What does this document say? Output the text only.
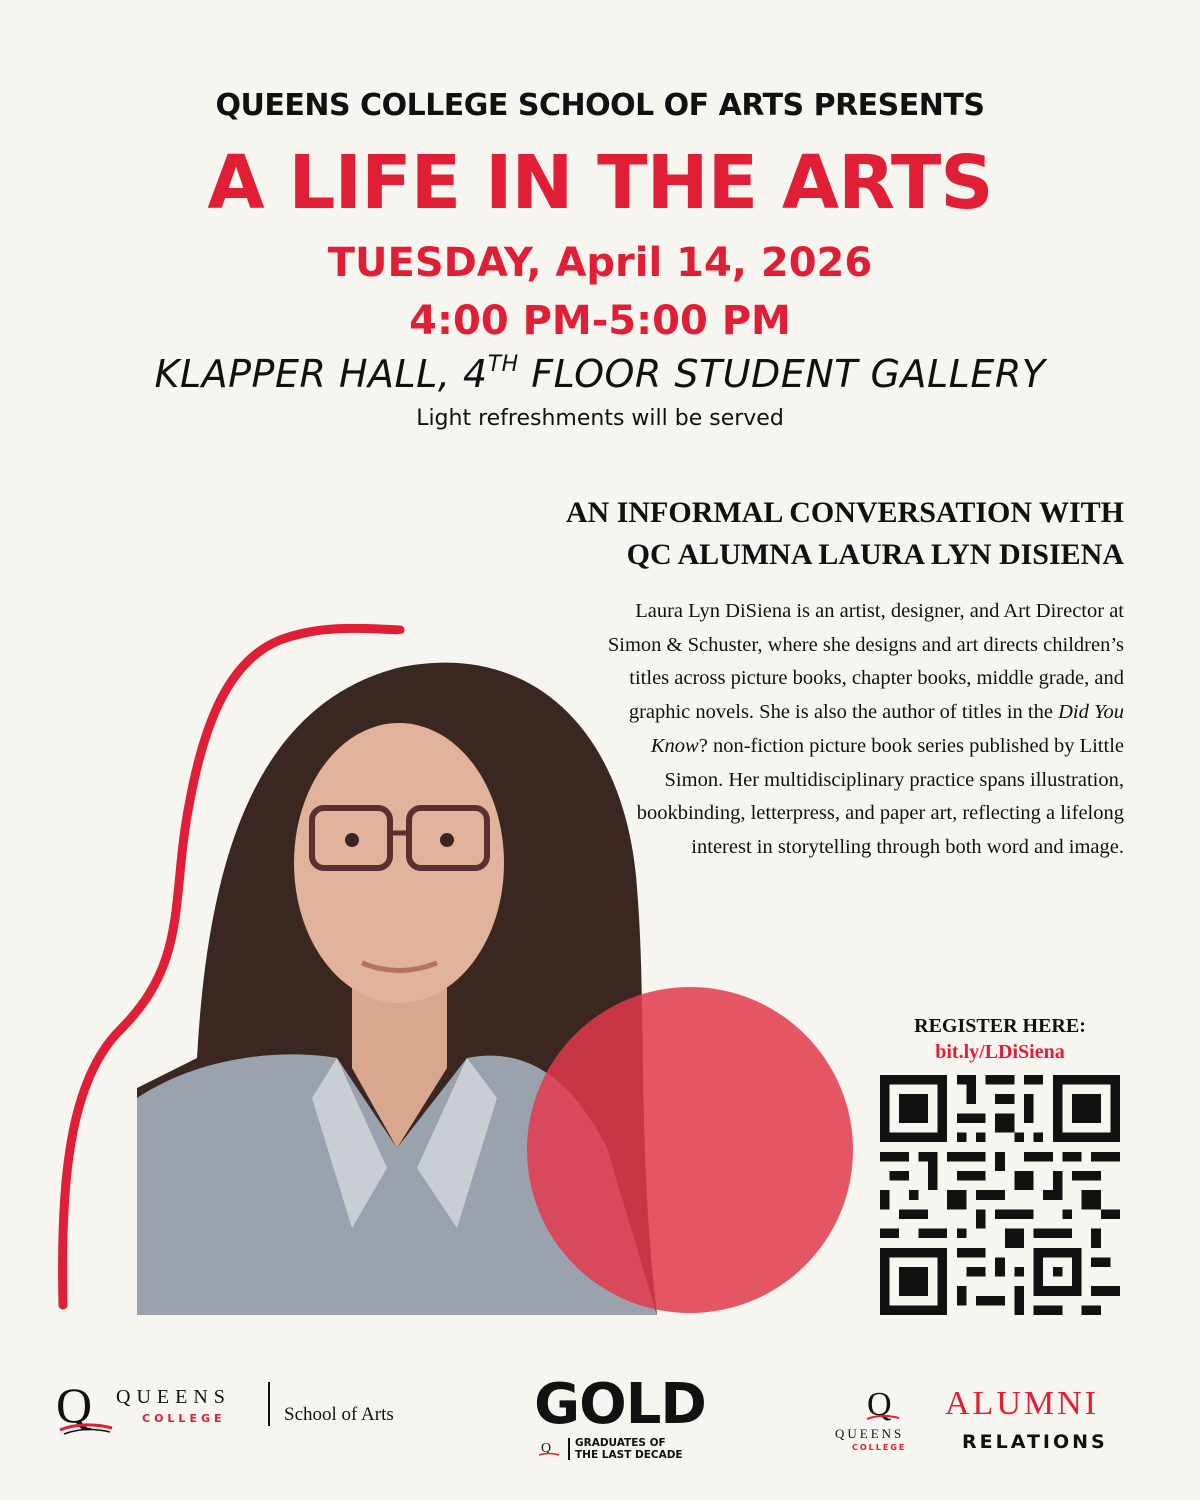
QUEENS COLLEGE SCHOOL OF ARTS PRESENTS
A LIFE IN THE ARTS
TUESDAY, April 14, 2026
4:00 PM-5:00 PM
KLAPPER HALL, 4TH FLOOR STUDENT GALLERY
Light refreshments will be served
AN INFORMAL CONVERSATION WITH
QC ALUMNA LAURA LYN DISIENA
Laura Lyn DiSiena is an artist, designer, and Art Director at Simon & Schuster, where she designs and art directs children’s titles across picture books, chapter books, middle grade, and graphic novels. She is also the author of titles in the Did You Know? non-fiction picture book series published by Little Simon. Her multidisciplinary practice spans illustration, bookbinding, letterpress, and paper art, reflecting a lifelong interest in storytelling through both word and image.
REGISTER HERE:
bit.ly/LDiSiena
Q QUEENS
COLLEGE	School of Arts	GOLD
Q GRADUATES OF
THE LAST DECADE
Q
QUEENS
COLLEGE
ALUMNI
RELATIONS
